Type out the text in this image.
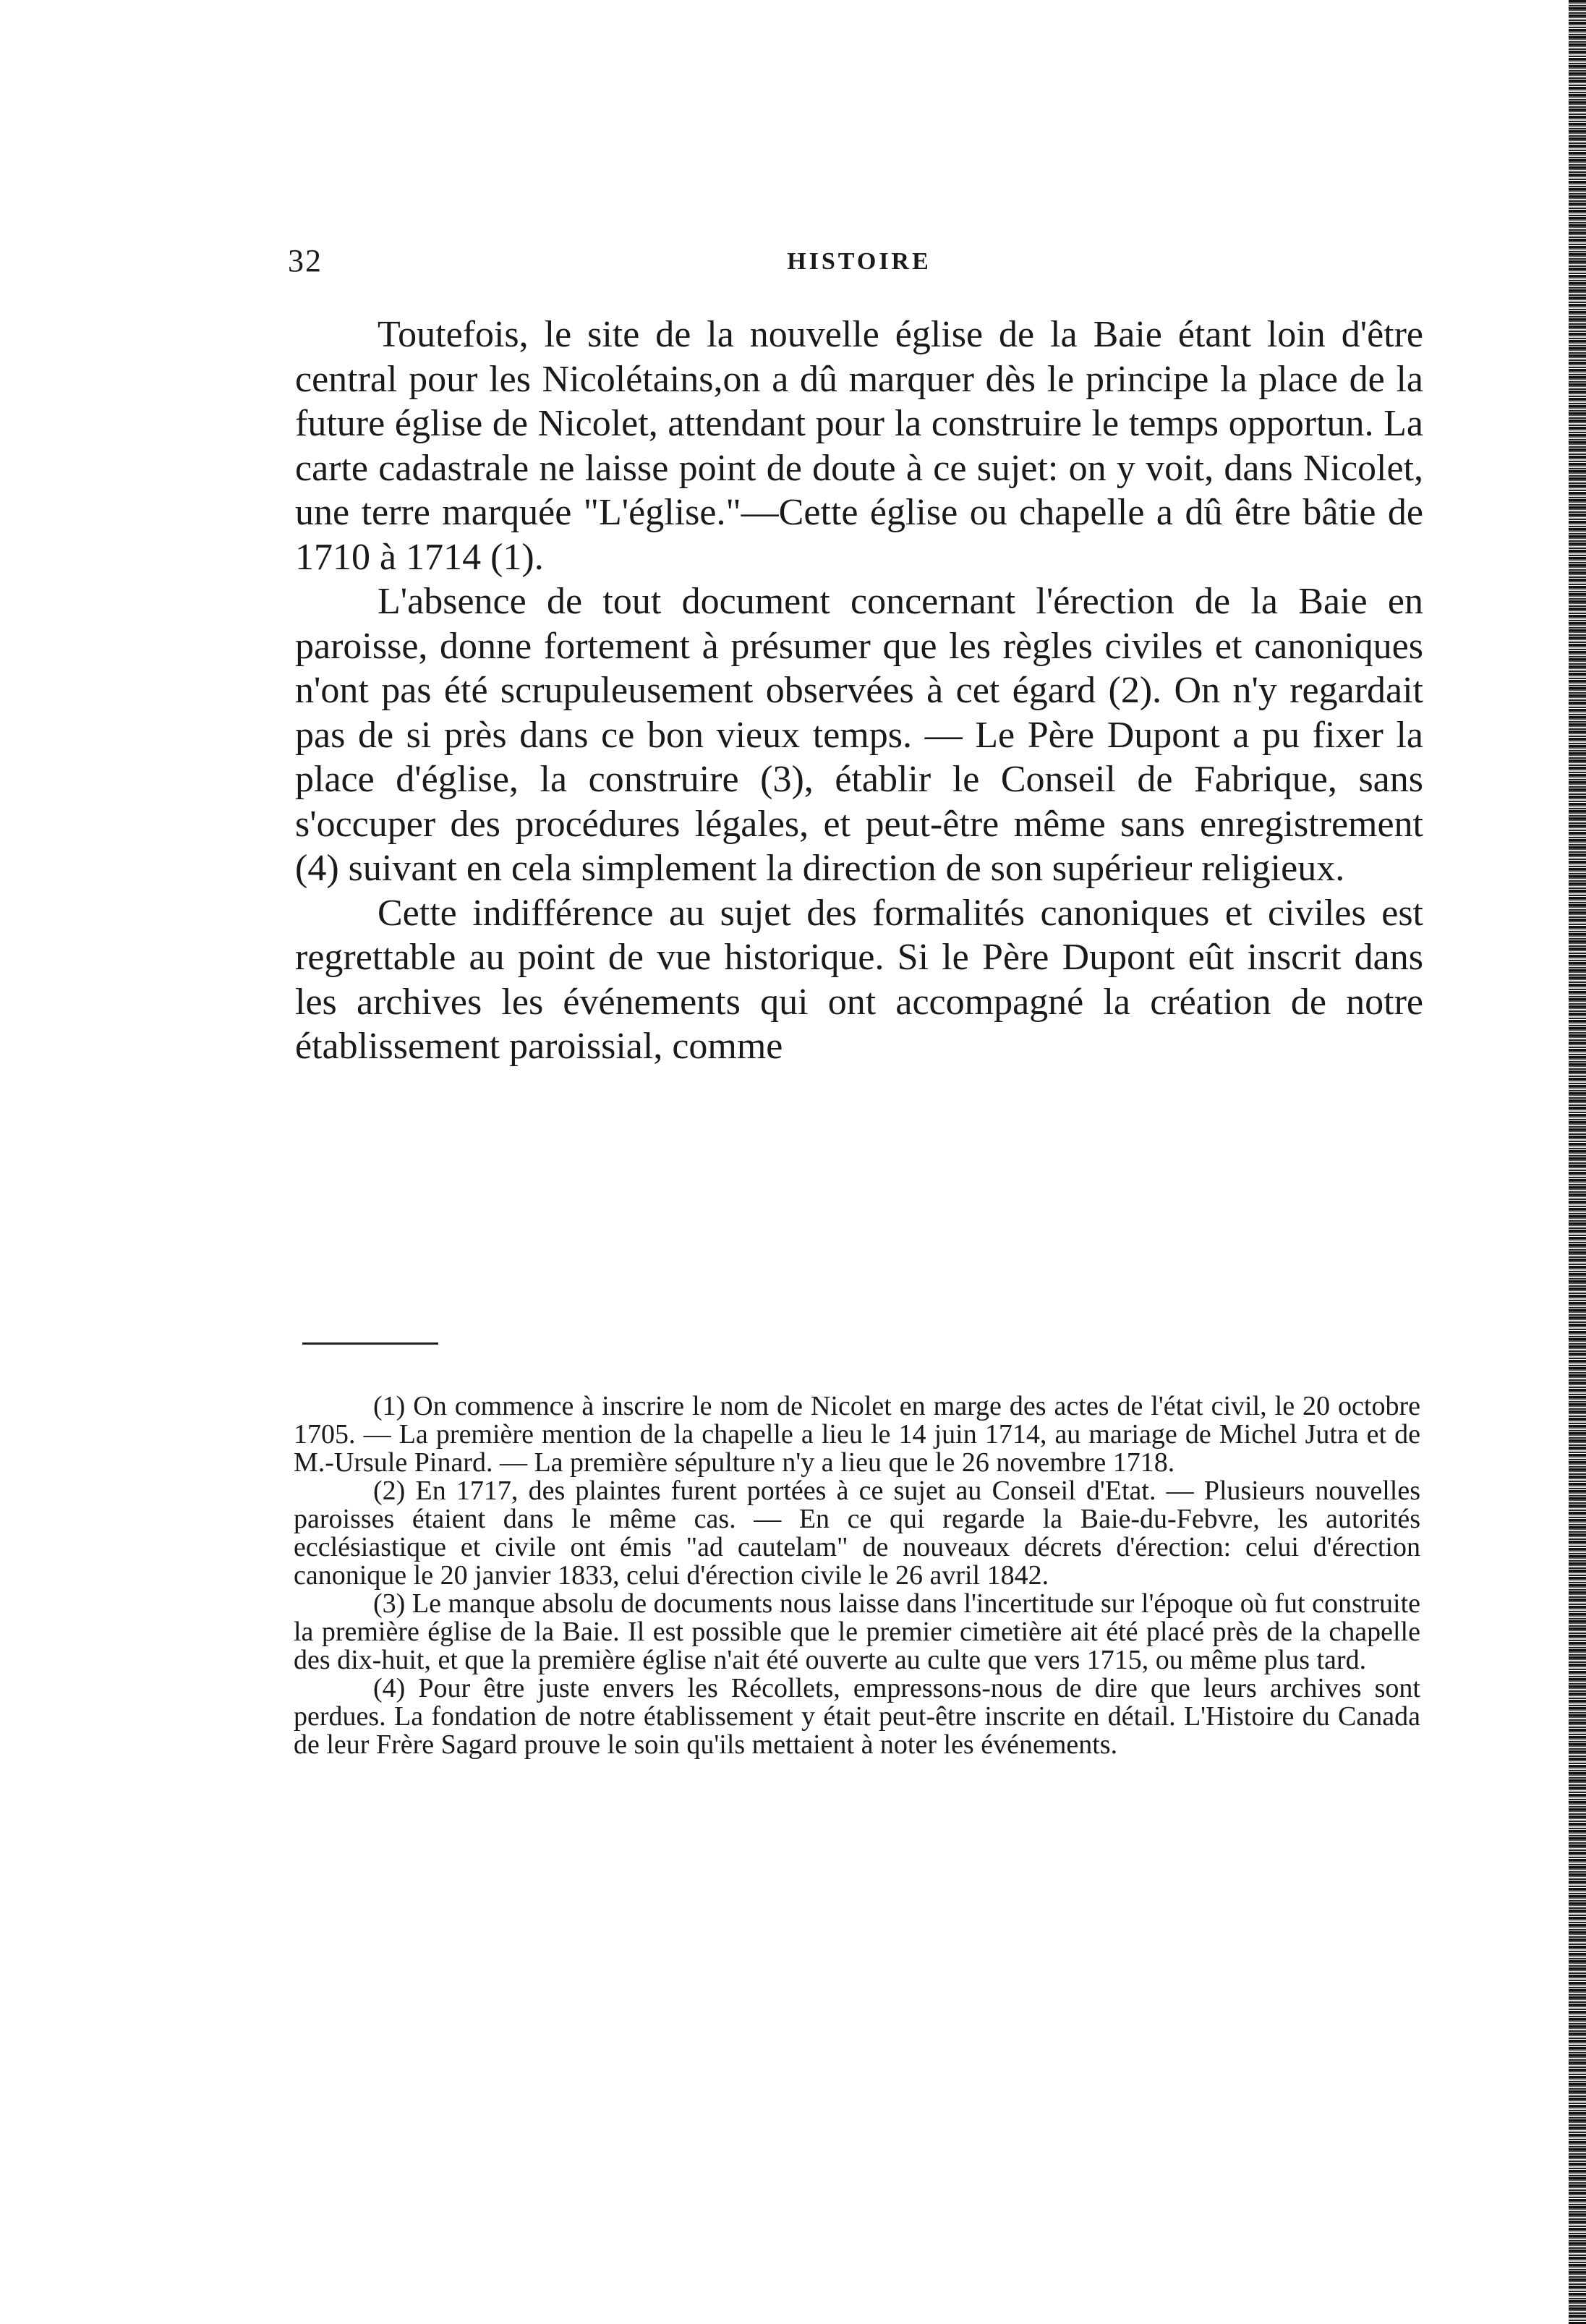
32	HISTOIRE

Toutefois, le site de la nouvelle église de la Baie étant loin d'être central pour les Nicolétains,on a dû marquer dès le principe la place de la future église de Nicolet, attendant pour la construire le temps opportun. La carte cadastrale ne laisse point de doute à ce sujet: on y voit, dans Nicolet, une terre marquée "L'église."—Cette église ou chapelle a dû être bâtie de 1710 à 1714 (1).

L'absence de tout document concernant l'érection de la Baie en paroisse, donne fortement à présumer que les règles civiles et canoniques n'ont pas été scrupuleusement observées à cet égard (2). On n'y regardait pas de si près dans ce bon vieux temps. — Le Père Dupont a pu fixer la place d'église, la construire (3), établir le Conseil de Fabrique, sans s'occuper des procédures légales, et peut-être même sans enregistrement (4) suivant en cela simplement la direction de son supérieur religieux.

Cette indifférence au sujet des formalités canoniques et civiles est regrettable au point de vue historique. Si le Père Dupont eût inscrit dans les archives les événements qui ont accompagné la création de notre établissement paroissial, comme

(1) On commence à inscrire le nom de Nicolet en marge des actes de l'état civil, le 20 octobre 1705. — La première mention de la chapelle a lieu le 14 juin 1714, au mariage de Michel Jutra et de M.-Ursule Pinard. — La première sépulture n'y a lieu que le 26 novembre 1718.

(2) En 1717, des plaintes furent portées à ce sujet au Conseil d'Etat. — Plusieurs nouvelles paroisses étaient dans le même cas. — En ce qui regarde la Baie-du-Febvre, les autorités ecclésiastique et civile ont émis "ad cautelam" de nouveaux décrets d'érection: celui d'érection canonique le 20 janvier 1833, celui d'érection civile le 26 avril 1842.

(3) Le manque absolu de documents nous laisse dans l'incertitude sur l'époque où fut construite la première église de la Baie. Il est possible que le premier cimetière ait été placé près de la chapelle des dix-huit, et que la première église n'ait été ouverte au culte que vers 1715, ou même plus tard.

(4) Pour être juste envers les Récollets, empressons-nous de dire que leurs archives sont perdues. La fondation de notre établissement y était peut-être inscrite en détail. L'Histoire du Canada de leur Frère Sagard prouve le soin qu'ils mettaient à noter les événements.
